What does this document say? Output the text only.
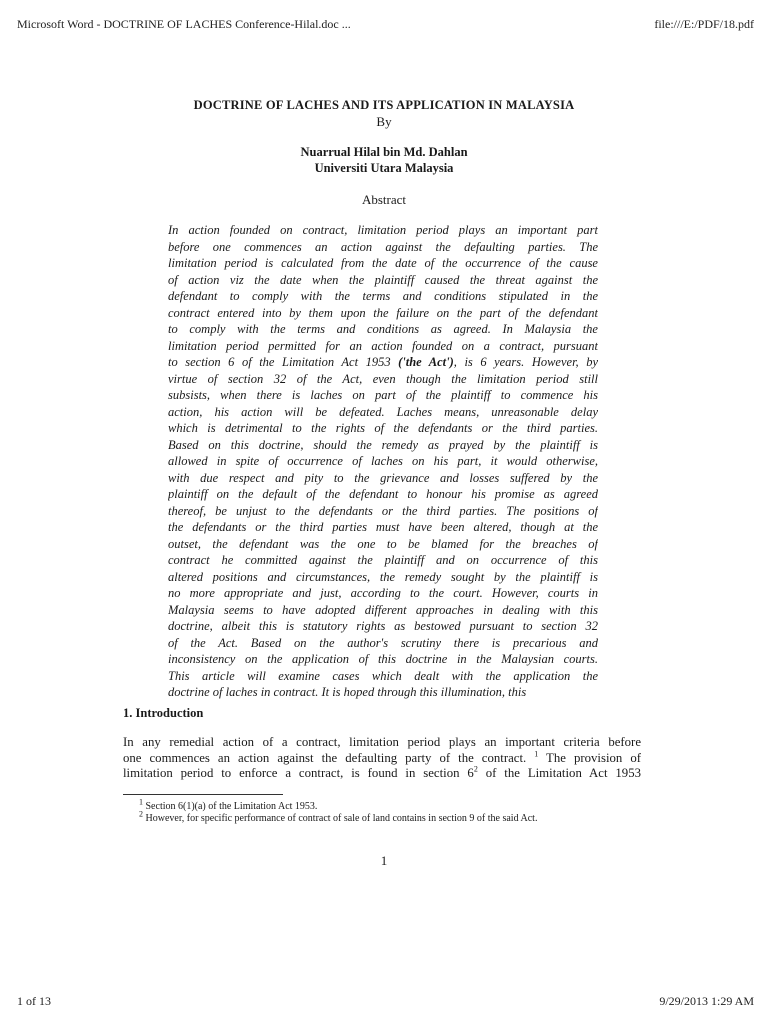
Microsoft Word - DOCTRINE OF LACHES Conference-Hilal.doc ...	file:///E:/PDF/18.pdf
DOCTRINE OF LACHES AND ITS APPLICATION IN MALAYSIA
By
Nuarrual Hilal bin Md. Dahlan
Universiti Utara Malaysia
Abstract
In action founded on contract, limitation period plays an important part
before one commences an action against the defaulting parties. The
limitation period is calculated from the date of the occurrence of the cause
of action viz the date when the plaintiff caused the threat against the
defendant to comply with the terms and conditions stipulated in the
contract entered into by them upon the failure on the part of the defendant
to comply with the terms and conditions as agreed. In Malaysia the
limitation period permitted for an action founded on a contract, pursuant
to section 6 of the Limitation Act 1953 ('the Act'), is 6 years. However, by
virtue of section 32 of the Act, even though the limitation period still
subsists, when there is laches on part of the plaintiff to commence his
action, his action will be defeated. Laches means, unreasonable delay
which is detrimental to the rights of the defendants or the third parties.
Based on this doctrine, should the remedy as prayed by the plaintiff is
allowed in spite of occurrence of laches on his part, it would otherwise,
with due respect and pity to the grievance and losses suffered by the
plaintiff on the default of the defendant to honour his promise as agreed
thereof, be unjust to the defendants or the third parties. The positions of
the defendants or the third parties must have been altered, though at the
outset, the defendant was the one to be blamed for the breaches of
contract he committed against the plaintiff and on occurrence of this
altered positions and circumstances, the remedy sought by the plaintiff is
no more appropriate and just, according to the court. However, courts in
Malaysia seems to have adopted different approaches in dealing with this
doctrine, albeit this is statutory rights as bestowed pursuant to section 32
of the Act. Based on the author's scrutiny there is precarious and
inconsistency on the application of this doctrine in the Malaysian courts.
This article will examine cases which dealt with the application the
doctrine of laches in contract. It is hoped through this illumination, this
1. Introduction
In any remedial action of a contract, limitation period plays an important criteria before
one commences an action against the defaulting party of the contract. $^1$ The provision of
limitation period to enforce a contract, is found in section $6^2$ of the Limitation Act 1953
$^1$ Section 6(1)(a) of the Limitation Act 1953.
$^2$ However, for specific performance of contract of sale of land contains in section 9 of the said Act.
1
1 of 13	9/29/2013 1:29 AM
